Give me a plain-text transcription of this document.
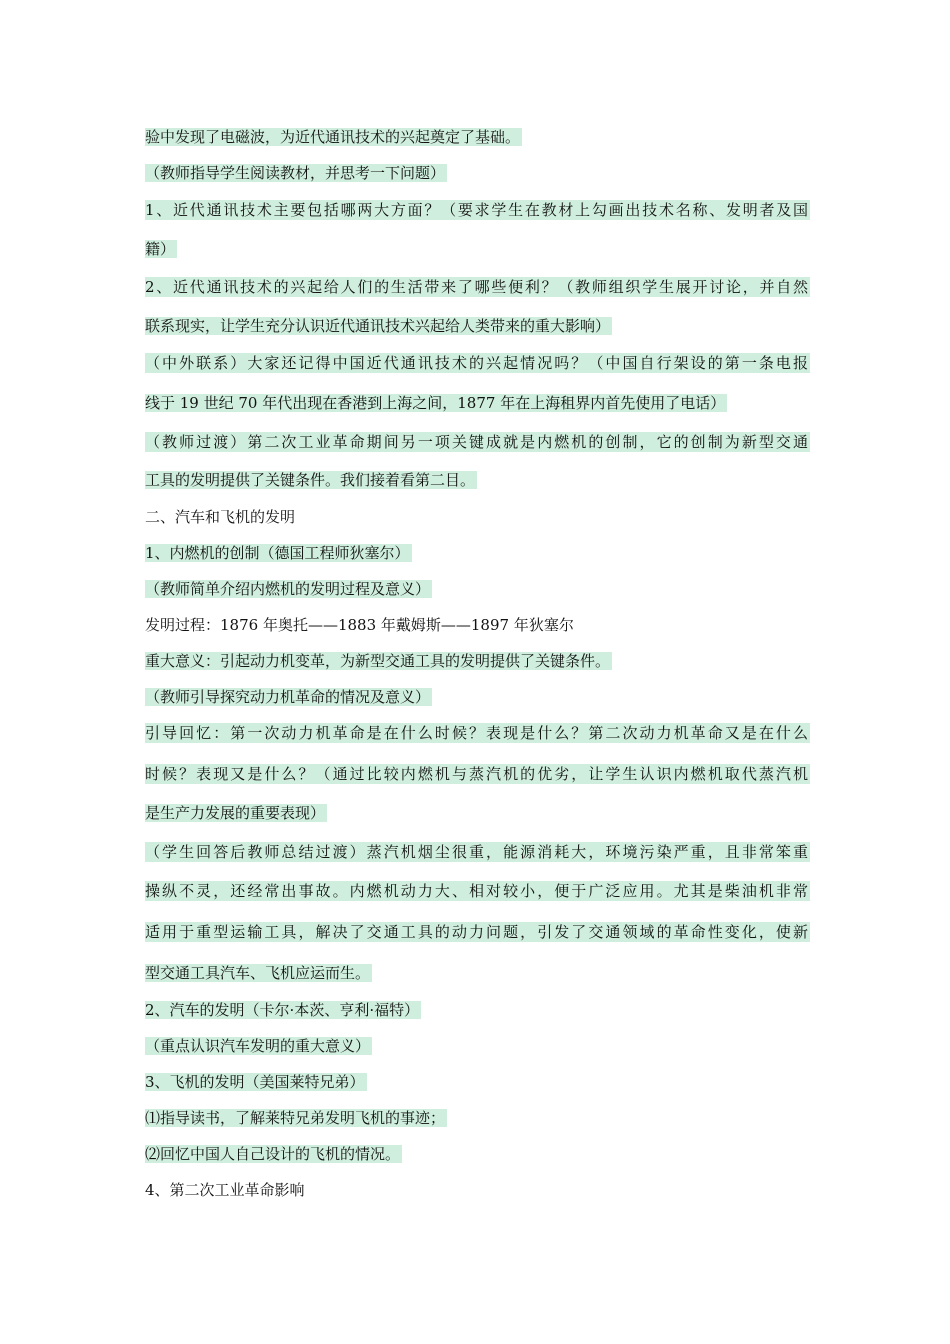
验中发现了电磁波，为近代通讯技术的兴起奠定了基础。
（教师指导学生阅读教材，并思考一下问题）
1、近代通讯技术主要包括哪两大方面？（要求学生在教材上勾画出技术名称、发明者及国
籍）
2、近代通讯技术的兴起给人们的生活带来了哪些便利？（教师组织学生展开讨论，并自然
联系现实，让学生充分认识近代通讯技术兴起给人类带来的重大影响）
（中外联系）大家还记得中国近代通讯技术的兴起情况吗？（中国自行架设的第一条电报
线于 19 世纪 70 年代出现在香港到上海之间，1877 年在上海租界内首先使用了电话）
（教师过渡）第二次工业革命期间另一项关键成就是内燃机的创制，它的创制为新型交通
工具的发明提供了关键条件。我们接着看第二目。
二、汽车和飞机的发明
1、内燃机的创制（德国工程师狄塞尔）
（教师简单介绍内燃机的发明过程及意义）
发明过程：1876 年奥托——1883 年戴姆斯——1897 年狄塞尔
重大意义：引起动力机变革，为新型交通工具的发明提供了关键条件。
（教师引导探究动力机革命的情况及意义）
引导回忆：第一次动力机革命是在什么时候？表现是什么？第二次动力机革命又是在什么
时候？表现又是什么？（通过比较内燃机与蒸汽机的优劣，让学生认识内燃机取代蒸汽机
是生产力发展的重要表现）
（学生回答后教师总结过渡）蒸汽机烟尘很重，能源消耗大，环境污染严重，且非常笨重
操纵不灵，还经常出事故。内燃机动力大、相对较小，便于广泛应用。尤其是柴油机非常
适用于重型运输工具，解决了交通工具的动力问题，引发了交通领域的革命性变化，使新
型交通工具汽车、飞机应运而生。
2、汽车的发明（卡尔·本茨、亨利·福特）
（重点认识汽车发明的重大意义）
3、飞机的发明（美国莱特兄弟）
⑴指导读书，了解莱特兄弟发明飞机的事迹；
⑵回忆中国人自己设计的飞机的情况。
4、第二次工业革命影响
